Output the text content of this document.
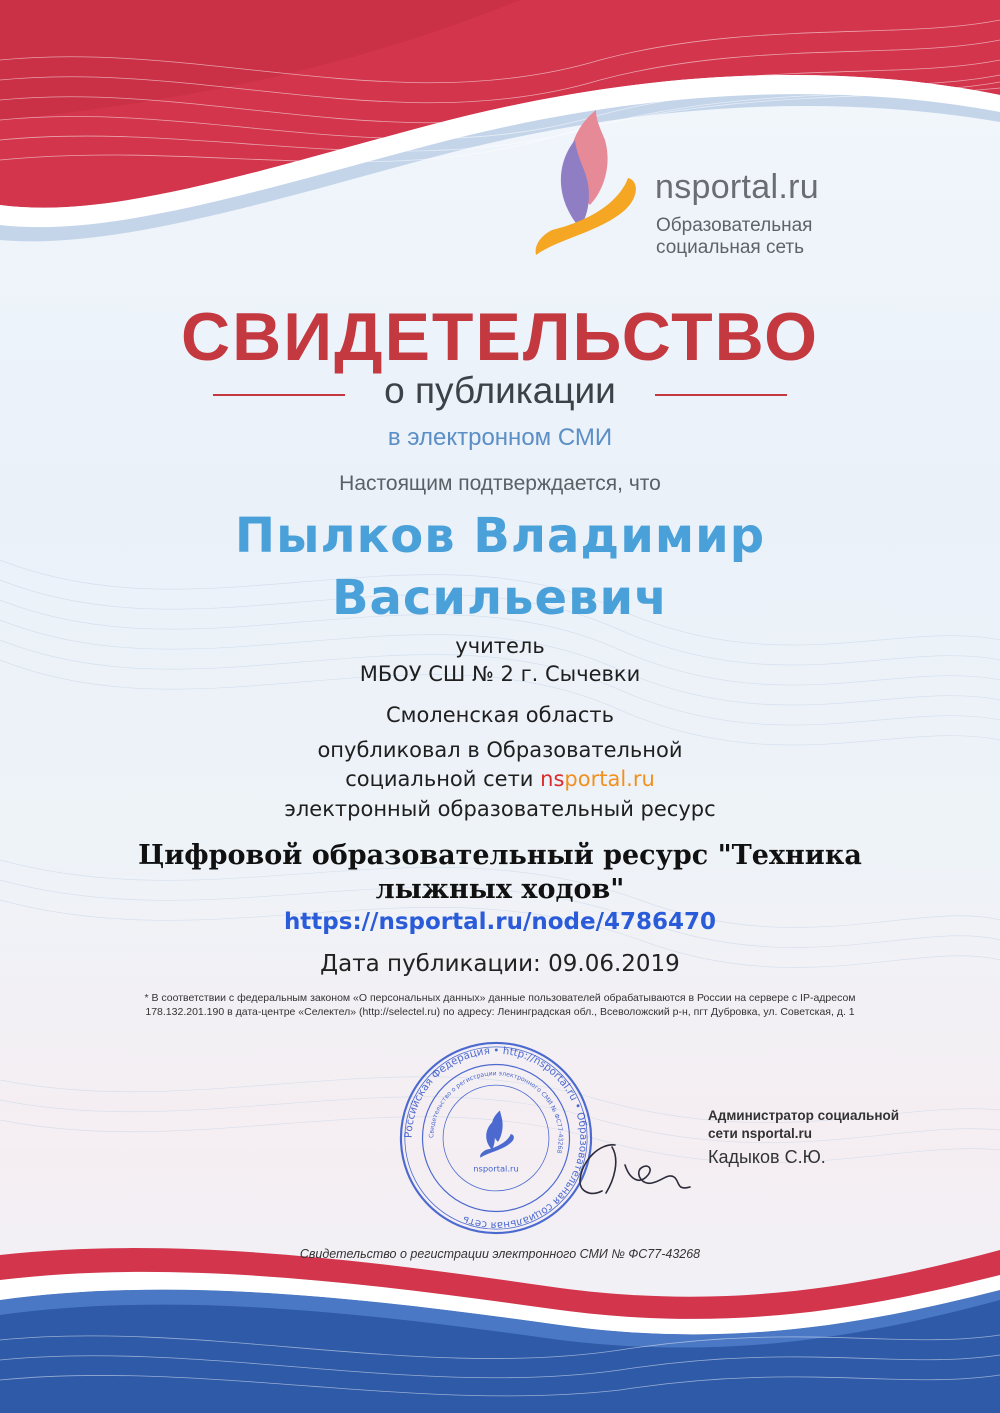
nsportal.ru
Образовательная
социальная сеть
СВИДЕТЕЛЬСТВО
о публикации
в электронном СМИ
Настоящим подтверждается, что
Пылков Владимир
Васильевич
учитель
МБОУ СШ № 2 г. Сычевки
Смоленская область
опубликовал в Образовательной
социальной сети nsportal.ru
электронный образовательный ресурс
Цифровой образовательный ресурс "Техника
лыжных ходов"
https://nsportal.ru/node/4786470
Дата публикации: 09.06.2019
* В соответствии с федеральным законом «О персональных данных» данные пользователей обрабатываются в России на сервере с IP-адресом
178.132.201.190 в дата-центре «Селектел» (http://selectel.ru) по адресу: Ленинградская обл., Всеволожский р-н, пгт Дубровка, ул. Советская, д. 1
Российская Федерация • http://nsportal.ru • Образовательная социальная сеть
Свидетельство о регистрации электронного СМИ № ФС77-43268
nsportal.ru
Администратор социальной
сети nsportal.ru
Кадыков С.Ю.
Свидетельство о регистрации электронного СМИ № ФС77-43268
